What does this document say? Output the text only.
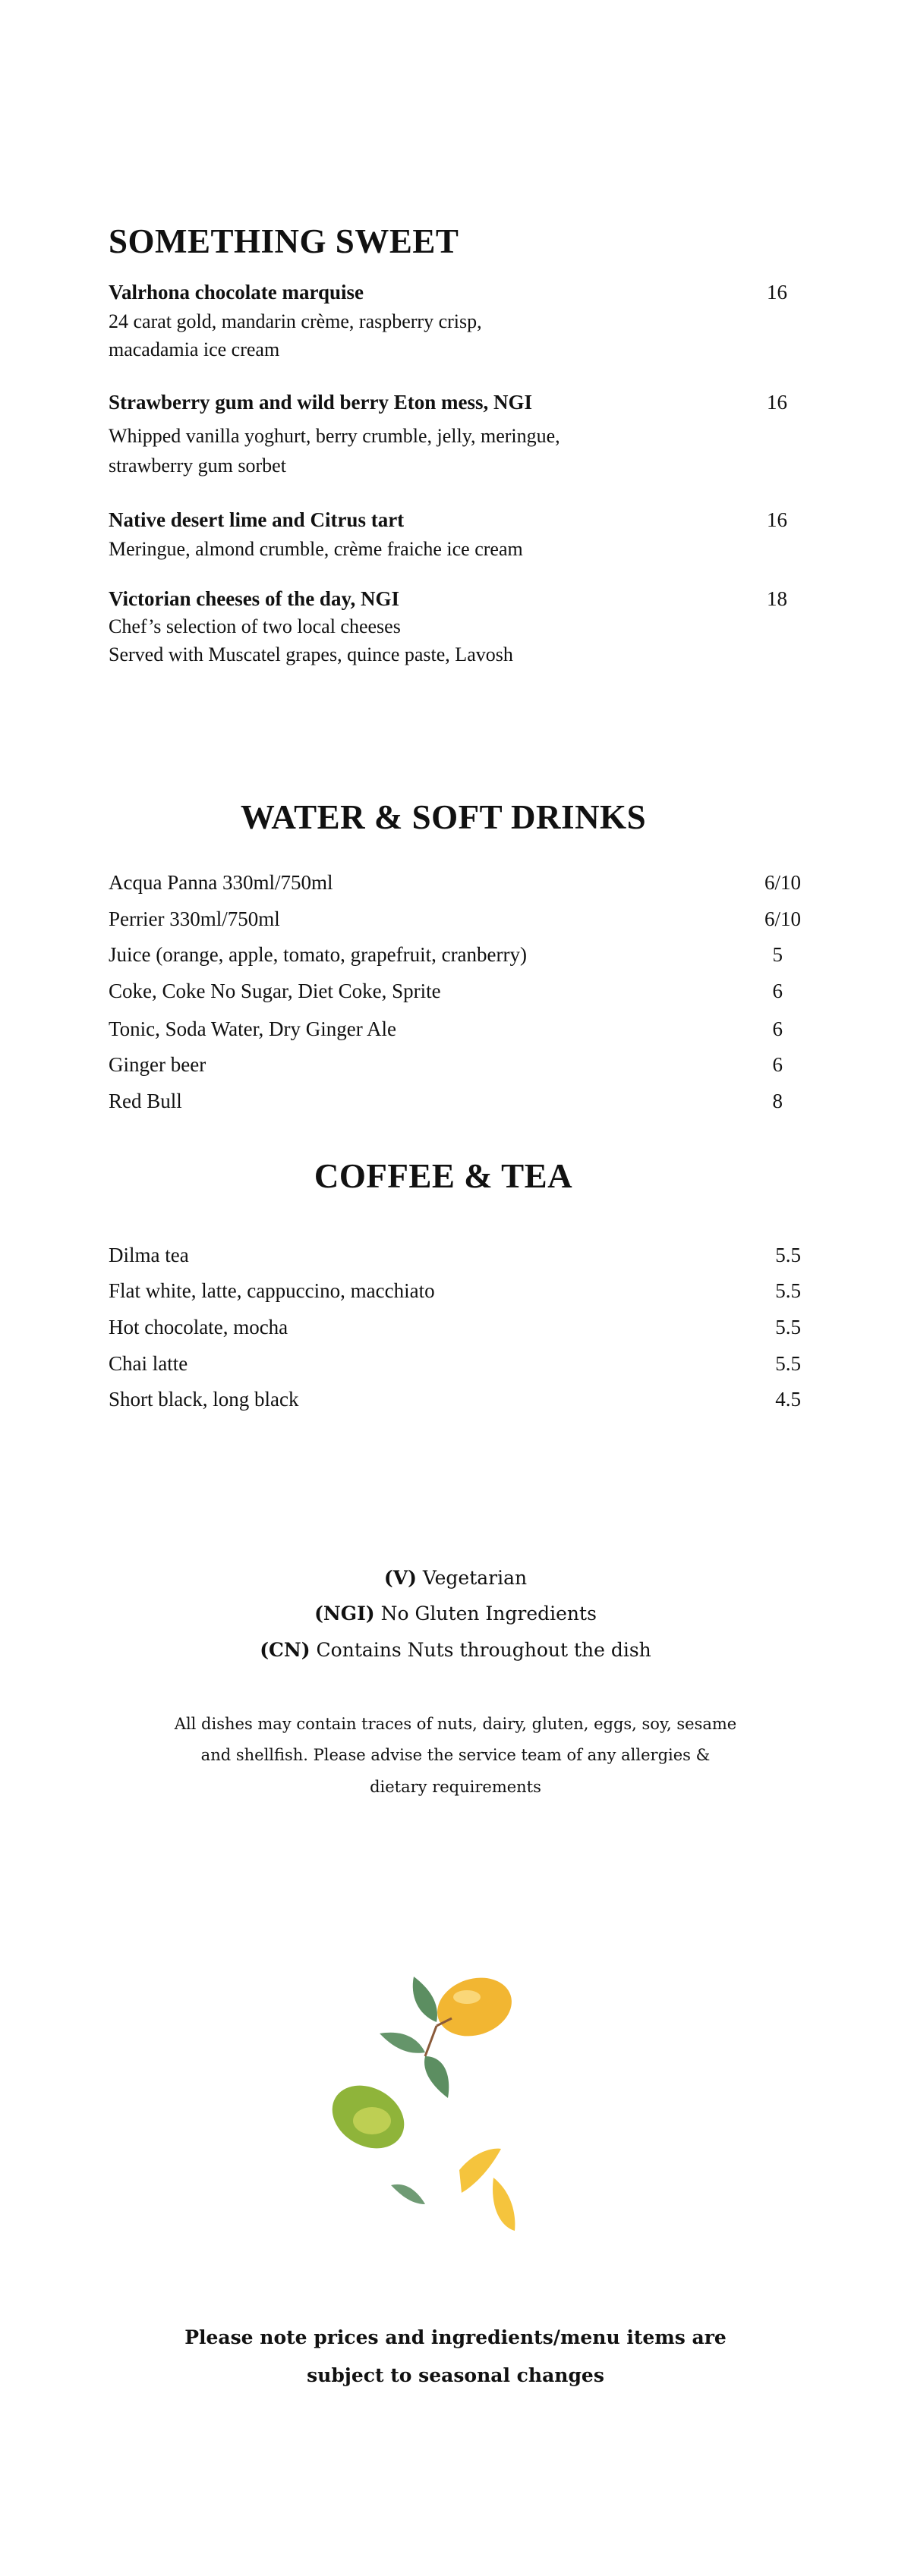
SOMETHING SWEET
Valrhona chocolate marquise	16
24 carat gold, mandarin crème, raspberry crisp,
macadamia ice cream
Strawberry gum and wild berry Eton mess, NGI	16
Whipped vanilla yoghurt, berry crumble, jelly, meringue,
strawberry gum sorbet
Native desert lime and Citrus tart	16
Meringue, almond crumble, crème fraiche ice cream
Victorian cheeses of the day, NGI	18
Chef’s selection of two local cheeses
Served with Muscatel grapes, quince paste, Lavosh
WATER & SOFT DRINKS
Acqua Panna 330ml/750ml	6/10
Perrier 330ml/750ml	6/10
Juice (orange, apple, tomato, grapefruit, cranberry)	5
Coke, Coke No Sugar, Diet Coke, Sprite	6
Tonic, Soda Water, Dry Ginger Ale	6
Ginger beer	6
Red Bull	8
COFFEE & TEA
Dilma tea	5.5
Flat white, latte, cappuccino, macchiato	5.5
Hot chocolate, mocha	5.5
Chai latte	5.5
Short black, long black	4.5
(V) Vegetarian
(NGI) No Gluten Ingredients
(CN) Contains Nuts throughout the dish
All dishes may contain traces of nuts, dairy, gluten, eggs, soy, sesame
and shellfish. Please advise the service team of any allergies &
dietary requirements
Please note prices and ingredients/menu items are
subject to seasonal changes
